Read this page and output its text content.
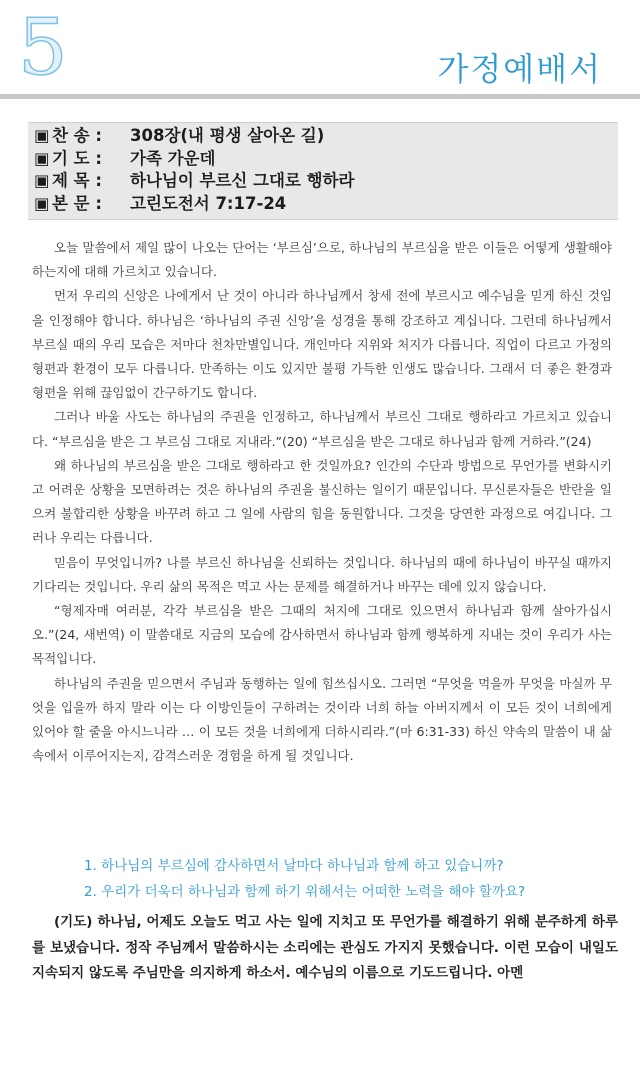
5	가정예배서
▣ 찬 송 : 308장(내 평생 살아온 길)
▣ 기 도 : 가족 가운데
▣ 제 목 : 하나님이 부르신 그대로 행하라
▣ 본 문 : 고린도전서 7:17-24

오늘 말씀에서 제일 많이 나오는 단어는 ‘부르심’으로, 하나님의 부르심을 받은 이들은 어떻게 생활해야 하는지에 대해 가르치고 있습니다.

먼저 우리의 신앙은 나에게서 난 것이 아니라 하나님께서 창세 전에 부르시고 예수님을 믿게 하신 것임을 인정해야 합니다. 하나님은 ‘하나님의 주권 신앙’을 성경을 통해 강조하고 계십니다. 그런데 하나님께서 부르실 때의 우리 모습은 저마다 천차만별입니다. 개인마다 지위와 처지가 다릅니다. 직업이 다르고 가정의 형편과 환경이 모두 다릅니다. 만족하는 이도 있지만 불평 가득한 인생도 많습니다. 그래서 더 좋은 환경과 형편을 위해 끊임없이 간구하기도 합니다.

그러나 바울 사도는 하나님의 주권을 인정하고, 하나님께서 부르신 그대로 행하라고 가르치고 있습니다. “부르심을 받은 그 부르심 그대로 지내라.”(20) “부르심을 받은 그대로 하나님과 함께 거하라.”(24)

왜 하나님의 부르심을 받은 그대로 행하라고 한 것일까요? 인간의 수단과 방법으로 무언가를 변화시키고 어려운 상황을 모면하려는 것은 하나님의 주권을 불신하는 일이기 때문입니다. 무신론자들은 반란을 일으켜 불합리한 상황을 바꾸려 하고 그 일에 사람의 힘을 동원합니다. 그것을 당연한 과정으로 여깁니다. 그러나 우리는 다릅니다.

믿음이 무엇입니까? 나를 부르신 하나님을 신뢰하는 것입니다. 하나님의 때에 하나님이 바꾸실 때까지 기다리는 것입니다. 우리 삶의 목적은 먹고 사는 문제를 해결하거나 바꾸는 데에 있지 않습니다.

“형제자매 여러분, 각각 부르심을 받은 그때의 처지에 그대로 있으면서 하나님과 함께 살아가십시오.”(24, 새번역) 이 말씀대로 지금의 모습에 감사하면서 하나님과 함께 행복하게 지내는 것이 우리가 사는 목적입니다.

하나님의 주권을 믿으면서 주님과 동행하는 일에 힘쓰십시오. 그러면 “무엇을 먹을까 무엇을 마실까 무엇을 입을까 하지 말라 이는 다 이방인들이 구하려는 것이라 너희 하늘 아버지께서 이 모든 것이 너희에게 있어야 할 줄을 아시느니라 … 이 모든 것을 너희에게 더하시리라.”(마 6:31-33) 하신 약속의 말씀이 내 삶속에서 이루어지는지, 감격스러운 경험을 하게 될 것입니다.

1. 하나님의 부르심에 감사하면서 날마다 하나님과 함께 하고 있습니까?
2. 우리가 더욱더 하나님과 함께 하기 위해서는 어떠한 노력을 해야 할까요?
(기도) 하나님, 어제도 오늘도 먹고 사는 일에 지치고 또 무언가를 해결하기 위해 분주하게 하루를 보냈습니다. 정작 주님께서 말씀하시는 소리에는 관심도 가지지 못했습니다. 이런 모습이 내일도 지속되지 않도록 주님만을 의지하게 하소서. 예수님의 이름으로 기도드립니다. 아멘
